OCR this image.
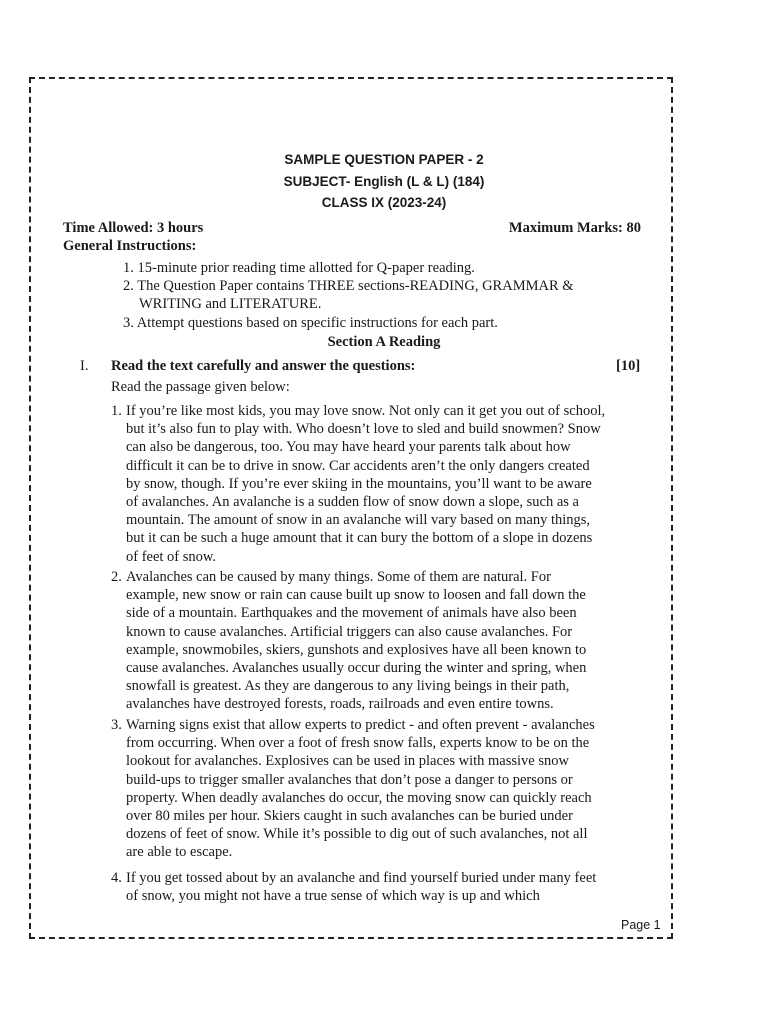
SAMPLE QUESTION PAPER - 2
SUBJECT- English (L & L) (184)
CLASS IX (2023-24)
Time Allowed: 3 hours	Maximum Marks: 80
General Instructions:
1. 15-minute prior reading time allotted for Q-paper reading.
2. The Question Paper contains THREE sections-READING, GRAMMAR &
WRITING and LITERATURE.
3. Attempt questions based on specific instructions for each part.
Section A Reading
I. Read the text carefully and answer the questions:	[10]
Read the passage given below:
1. If you’re like most kids, you may love snow. Not only can it get you out of school, but it’s also fun to play with. Who doesn’t love to sled and build snowmen? Snow can also be dangerous, too. You may have heard your parents talk about how difficult it can be to drive in snow. Car accidents aren’t the only dangers created by snow, though. If you’re ever skiing in the mountains, you’ll want to be aware of avalanches. An avalanche is a sudden flow of snow down a slope, such as a mountain. The amount of snow in an avalanche will vary based on many things, but it can be such a huge amount that it can bury the bottom of a slope in dozens of feet of snow.
2. Avalanches can be caused by many things. Some of them are natural. For example, new snow or rain can cause built up snow to loosen and fall down the side of a mountain. Earthquakes and the movement of animals have also been known to cause avalanches. Artificial triggers can also cause avalanches. For example, snowmobiles, skiers, gunshots and explosives have all been known to cause avalanches. Avalanches usually occur during the winter and spring, when snowfall is greatest. As they are dangerous to any living beings in their path, avalanches have destroyed forests, roads, railroads and even entire towns.
3. Warning signs exist that allow experts to predict - and often prevent - avalanches from occurring. When over a foot of fresh snow falls, experts know to be on the lookout for avalanches. Explosives can be used in places with massive snow build-ups to trigger smaller avalanches that don’t pose a danger to persons or property. When deadly avalanches do occur, the moving snow can quickly reach over 80 miles per hour. Skiers caught in such avalanches can be buried under dozens of feet of snow. While it’s possible to dig out of such avalanches, not all are able to escape.
4. If you get tossed about by an avalanche and find yourself buried under many feet of snow, you might not have a true sense of which way is up and which
Page 1
